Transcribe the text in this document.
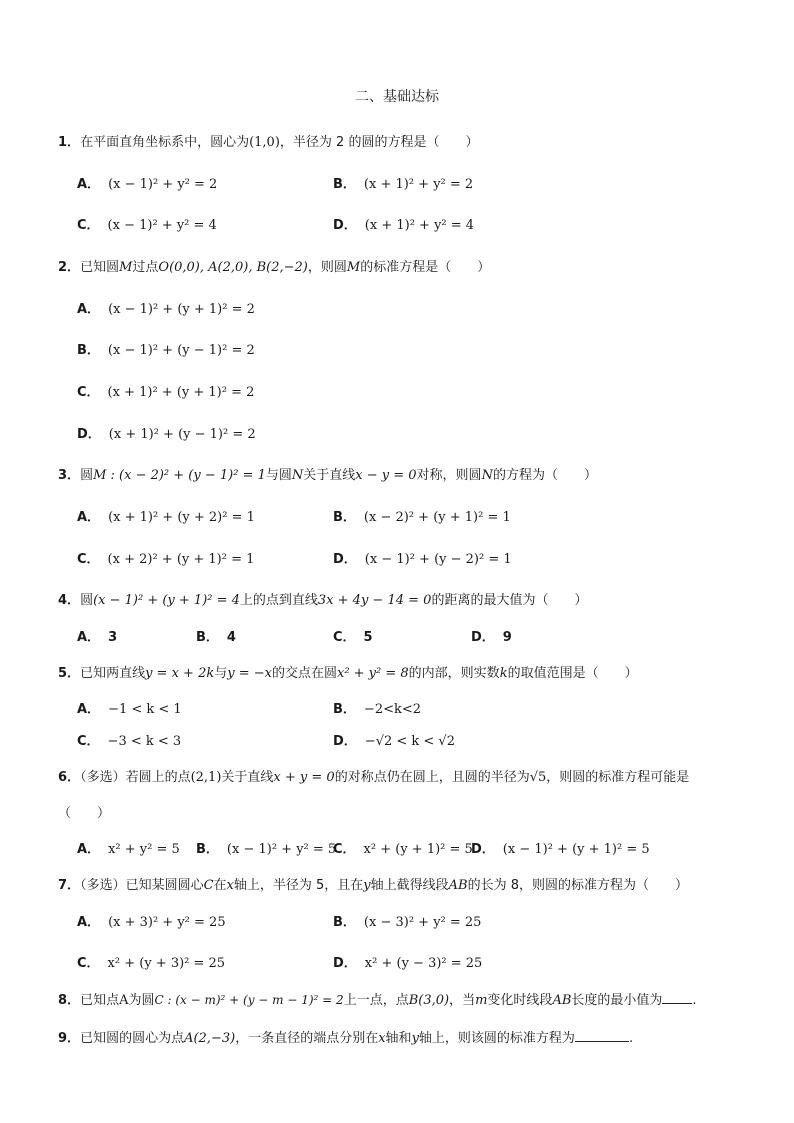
二、基础达标
1．在平面直角坐标系中，圆心为(1,0)，半径为 2 的圆的方程是（　　）
A． (x − 1)² + y² = 2	B． (x + 1)² + y² = 2
C． (x − 1)² + y² = 4	D． (x + 1)² + y² = 4
2．已知圆M过点O(0,0), A(2,0), B(2,−2)，则圆M的标准方程是（　　）
A． (x − 1)² + (y + 1)² = 2
B． (x − 1)² + (y − 1)² = 2
C． (x + 1)² + (y + 1)² = 2
D． (x + 1)² + (y − 1)² = 2
3．圆M : (x − 2)² + (y − 1)² = 1与圆N关于直线x − y = 0对称，则圆N的方程为（　　）
A． (x + 1)² + (y + 2)² = 1	B． (x − 2)² + (y + 1)² = 1
C． (x + 2)² + (y + 1)² = 1	D． (x − 1)² + (y − 2)² = 1
4．圆(x − 1)² + (y + 1)² = 4上的点到直线3x + 4y − 14 = 0的距离的最大值为（　　）
A． 3	B． 4	C． 5	D． 9
5．已知两直线y = x + 2k与y = −x的交点在圆x² + y² = 8的内部，则实数k的取值范围是（　　）
A． −1 < k < 1	B． −2<k<2
C． −3 < k < 3	D． −√2 < k < √2
6．（多选）若圆上的点(2,1)关于直线x + y = 0的对称点仍在圆上，且圆的半径为√5，则圆的标准方程可能是
（　　）
A． x² + y² = 5 B． (x − 1)² + y² = 5
C． x² + (y + 1)² = 5
D． (x − 1)² + (y + 1)² = 5
7．（多选）已知某圆圆心C在x轴上，半径为 5，且在y轴上截得线段AB的长为 8，则圆的标准方程为（　　）
A． (x + 3)² + y² = 25	B． (x − 3)² + y² = 25
C． x² + (y + 3)² = 25	D． x² + (y − 3)² = 25
8．已知点A为圆C : (x − m)² + (y − m − 1)² = 2上一点，点B(3,0)，当m变化时线段AB长度的最小值为 .
9．已知圆的圆心为点A(2,−3)，一条直径的端点分别在x轴和y轴上，则该圆的标准方程为	.
